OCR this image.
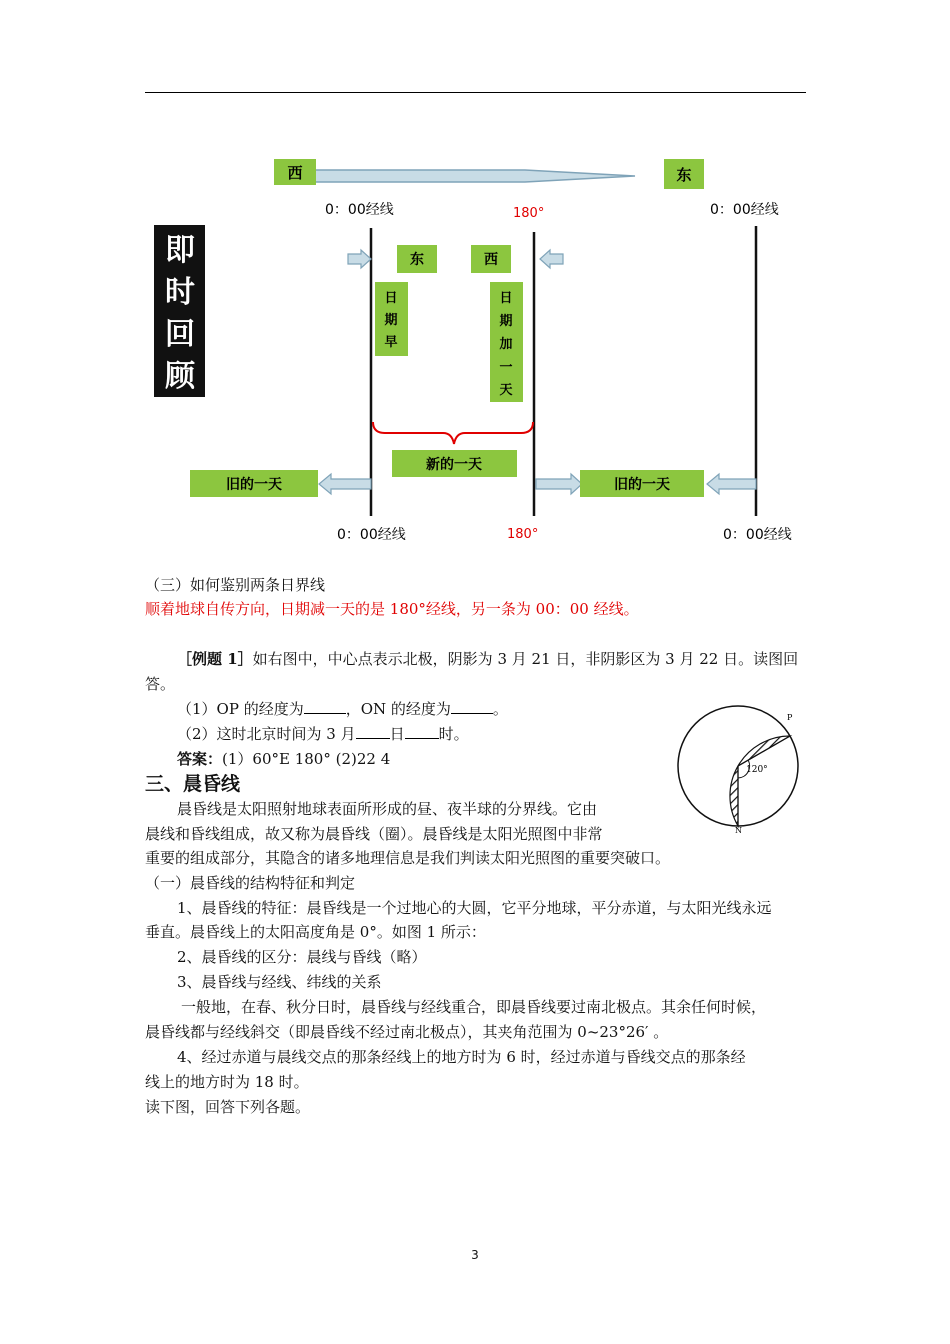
即
时
回
顾
西	东
0：00经线	180°	0：00经线
东	西
日
期
早
日
期
加
一
天
新的一天
旧的一天	旧的一天
0：00经线	180°	0：00经线
（三）如何鉴别两条日界线
顺着地球自传方向，日期减一天的是 180°经线，另一条为 00：00 经线。
［例题 1］如右图中，中心点表示北极，阴影为 3 月 21 日，非阴影区为 3 月 22 日。读图回
答。
（1）OP 的经度为	，ON 的经度为	。
（2）这时北京时间为 3 月 日 时。
答案：(1）60°E 180° (2)22 4
三、晨昏线
晨昏线是太阳照射地球表面所形成的昼、夜半球的分界线。它由
晨线和昏线组成，故又称为晨昏线（圈）。晨昏线是太阳光照图中非常
重要的组成部分，其隐含的诸多地理信息是我们判读太阳光照图的重要突破口。
（一）晨昏线的结构特征和判定
1、晨昏线的特征：晨昏线是一个过地心的大圆，它平分地球，平分赤道，与太阳光线永远
垂直。晨昏线上的太阳高度角是 0°。如图 1 所示：
2、晨昏线的区分：晨线与昏线（略）
3、晨昏线与经线、纬线的关系
一般地，在春、秋分日时，晨昏线与经线重合，即晨昏线要过南北极点。其余任何时候，
晨昏线都与经线斜交（即晨昏线不经过南北极点），其夹角范围为 0~23°26′ 。
4、经过赤道与晨线交点的那条经线上的地方时为 6 时，经过赤道与昏线交点的那条经
线上的地方时为 18 时。
读下图，回答下列各题。
P
N
O
120°
3
